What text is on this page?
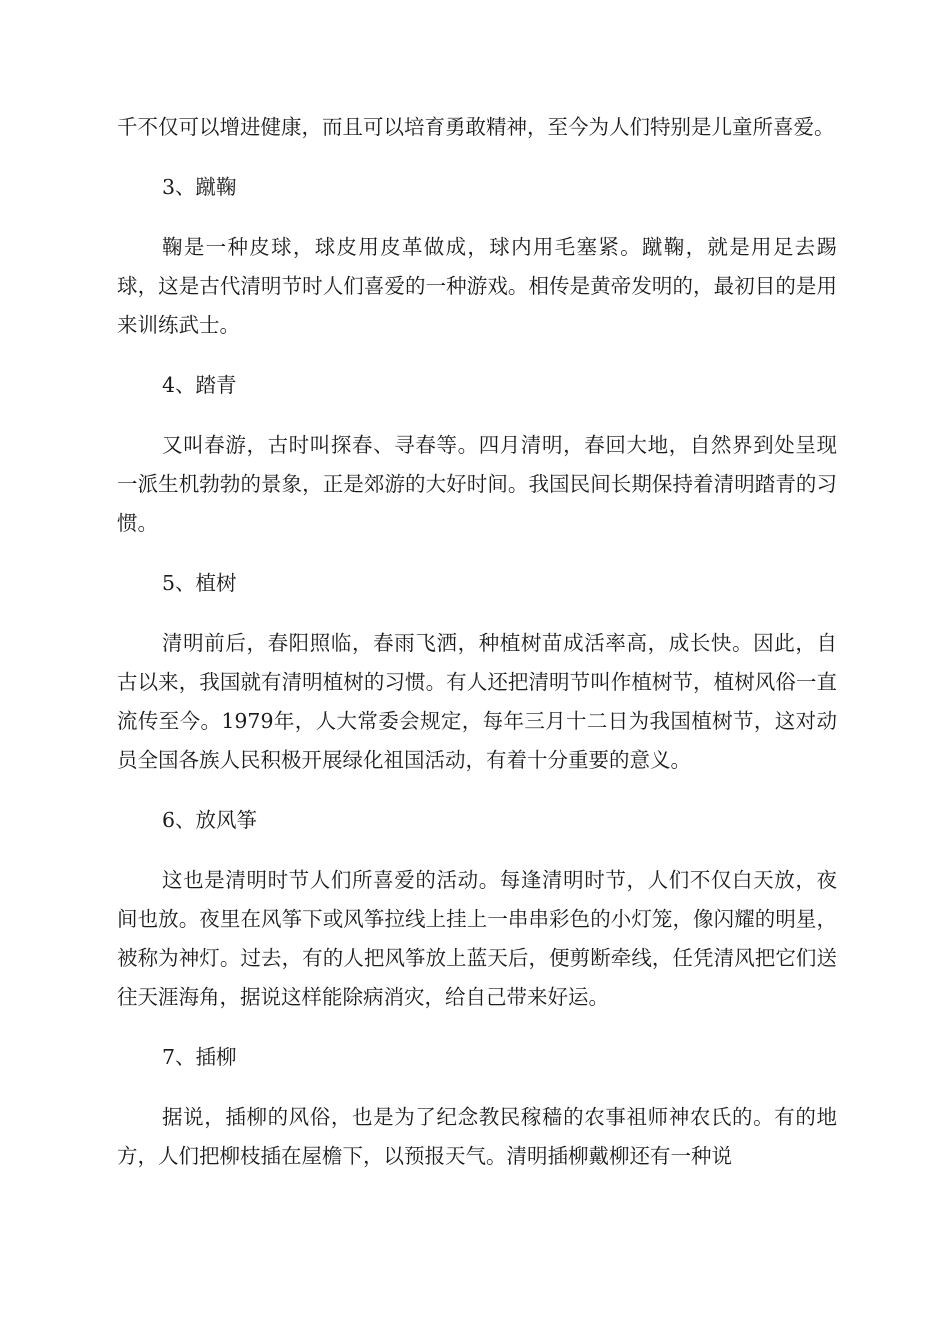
千不仅可以增进健康，而且可以培育勇敢精神，至今为人们特别是儿童所喜爱。

3、蹴鞠

鞠是一种皮球，球皮用皮革做成，球内用毛塞紧。蹴鞠，就是用足去踢球，这是古代清明节时人们喜爱的一种游戏。相传是黄帝发明的，最初目的是用来训练武士。

4、踏青

又叫春游，古时叫探春、寻春等。四月清明，春回大地，自然界到处呈现一派生机勃勃的景象，正是郊游的大好时间。我国民间长期保持着清明踏青的习惯。

5、植树

清明前后，春阳照临，春雨飞洒，种植树苗成活率高，成长快。因此，自古以来，我国就有清明植树的习惯。有人还把清明节叫作植树节，植树风俗一直流传至今。1979年，人大常委会规定，每年三月十二日为我国植树节，这对动员全国各族人民积极开展绿化祖国活动，有着十分重要的意义。

6、放风筝

这也是清明时节人们所喜爱的活动。每逢清明时节，人们不仅白天放，夜间也放。夜里在风筝下或风筝拉线上挂上一串串彩色的小灯笼，像闪耀的明星，被称为神灯。过去，有的人把风筝放上蓝天后，便剪断牵线，任凭清风把它们送往天涯海角，据说这样能除病消灾，给自己带来好运。

7、插柳

据说，插柳的风俗，也是为了纪念教民稼穑的农事祖师神农氏的。有的地方，人们把柳枝插在屋檐下，以预报天气。清明插柳戴柳还有一种说
